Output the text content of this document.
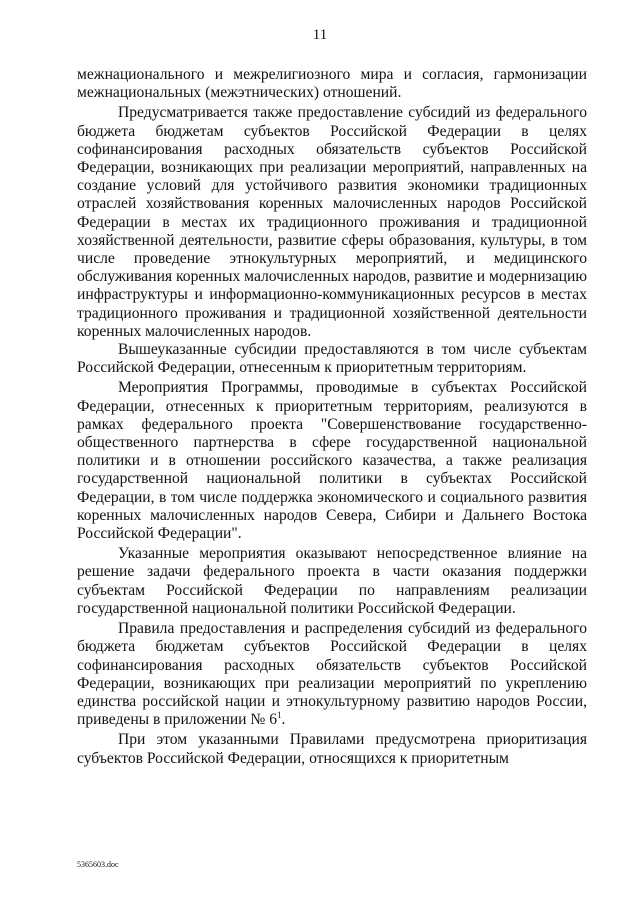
11

межнационального и межрелигиозного мира и согласия, гармонизации межнациональных (межэтнических) отношений.

Предусматривается также предоставление субсидий из федерального бюджета бюджетам субъектов Российской Федерации в целях софинансирования расходных обязательств субъектов Российской Федерации, возникающих при реализации мероприятий, направленных на создание условий для устойчивого развития экономики традиционных отраслей хозяйствования коренных малочисленных народов Российской Федерации в местах их традиционного проживания и традиционной хозяйственной деятельности, развитие сферы образования, культуры, в том числе проведение этнокультурных мероприятий, и медицинского обслуживания коренных малочисленных народов, развитие и модернизацию инфраструктуры и информационно-коммуникационных ресурсов в местах традиционного проживания и традиционной хозяйственной деятельности коренных малочисленных народов.

Вышеуказанные субсидии предоставляются в том числе субъектам Российской Федерации, отнесенным к приоритетным территориям.

Мероприятия Программы, проводимые в субъектах Российской Федерации, отнесенных к приоритетным территориям, реализуются в рамках федерального проекта "Совершенствование государственно-общественного партнерства в сфере государственной национальной политики и в отношении российского казачества, а также реализация государственной национальной политики в субъектах Российской Федерации, в том числе поддержка экономического и социального развития коренных малочисленных народов Севера, Сибири и Дальнего Востока Российской Федерации".

Указанные мероприятия оказывают непосредственное влияние на решение задачи федерального проекта в части оказания поддержки субъектам Российской Федерации по направлениям реализации государственной национальной политики Российской Федерации.

Правила предоставления и распределения субсидий из федерального бюджета бюджетам субъектов Российской Федерации в целях софинансирования расходных обязательств субъектов Российской Федерации, возникающих при реализации мероприятий по укреплению единства российской нации и этнокультурному развитию народов России, приведены в приложении № $6^1$.

При этом указанными Правилами предусмотрена приоритизация субъектов Российской Федерации, относящихся к приоритетным

5365603.doc
